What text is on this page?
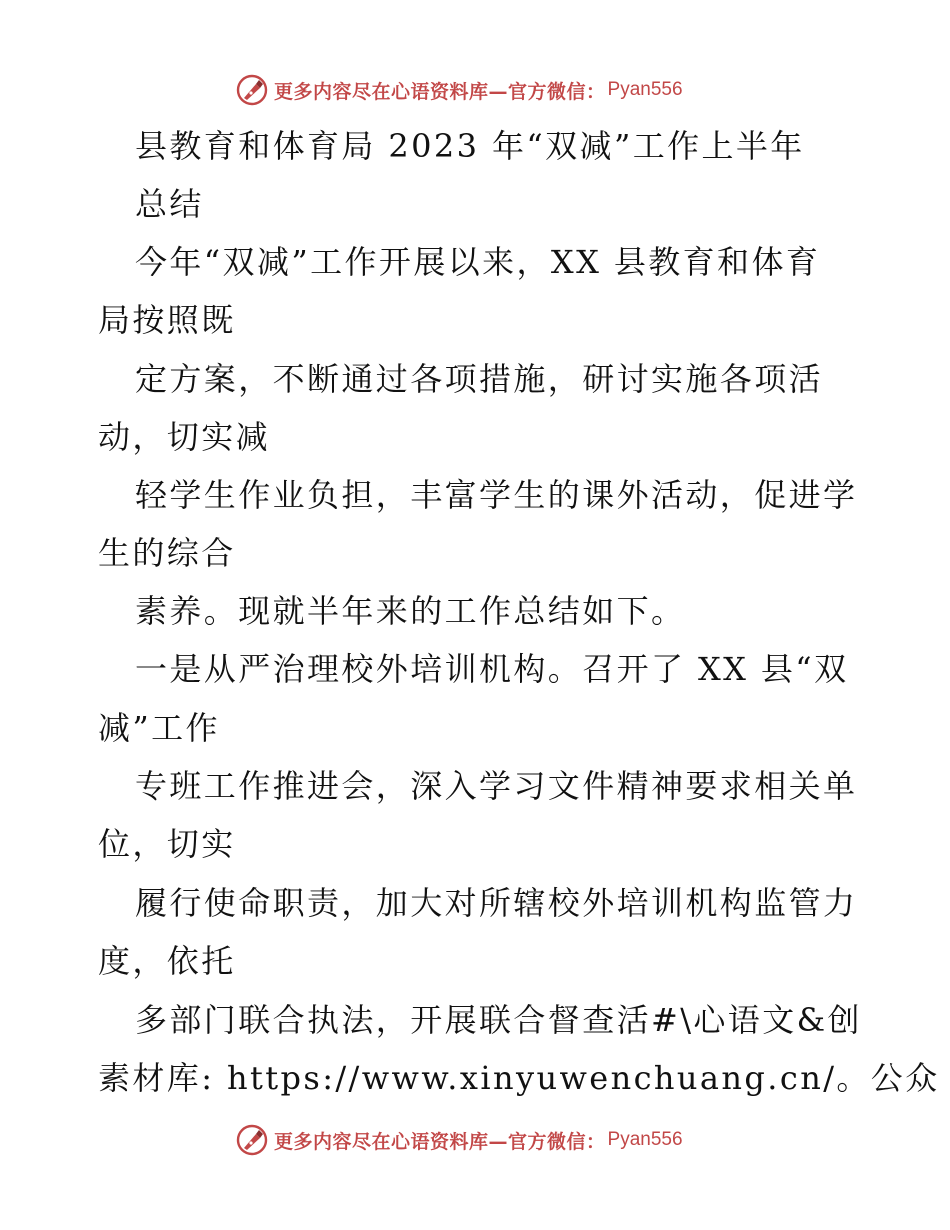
更多内容尽在心语资料库—官方微信： Pyan556
县教育和体育局 2023 年“双减”工作上半年
总结
今年“双减”工作开展以来，XX 县教育和体育
局按照既
定方案，不断通过各项措施，研讨实施各项活
动，切实减
轻学生作业负担，丰富学生的课外活动，促进学
生的综合
素养。现就半年来的工作总结如下。
一是从严治理校外培训机构。召开了 XX 县“双
减”工作
专班工作推进会，深入学习文件精神要求相关单
位，切实
履行使命职责，加大对所辖校外培训机构监管力
度，依托
多部门联合执法，开展联合督查活#\心语文&创
素材库: https://www.xinyuwenchuang.cn/。公众
更多内容尽在心语资料库—官方微信： Pyan556
